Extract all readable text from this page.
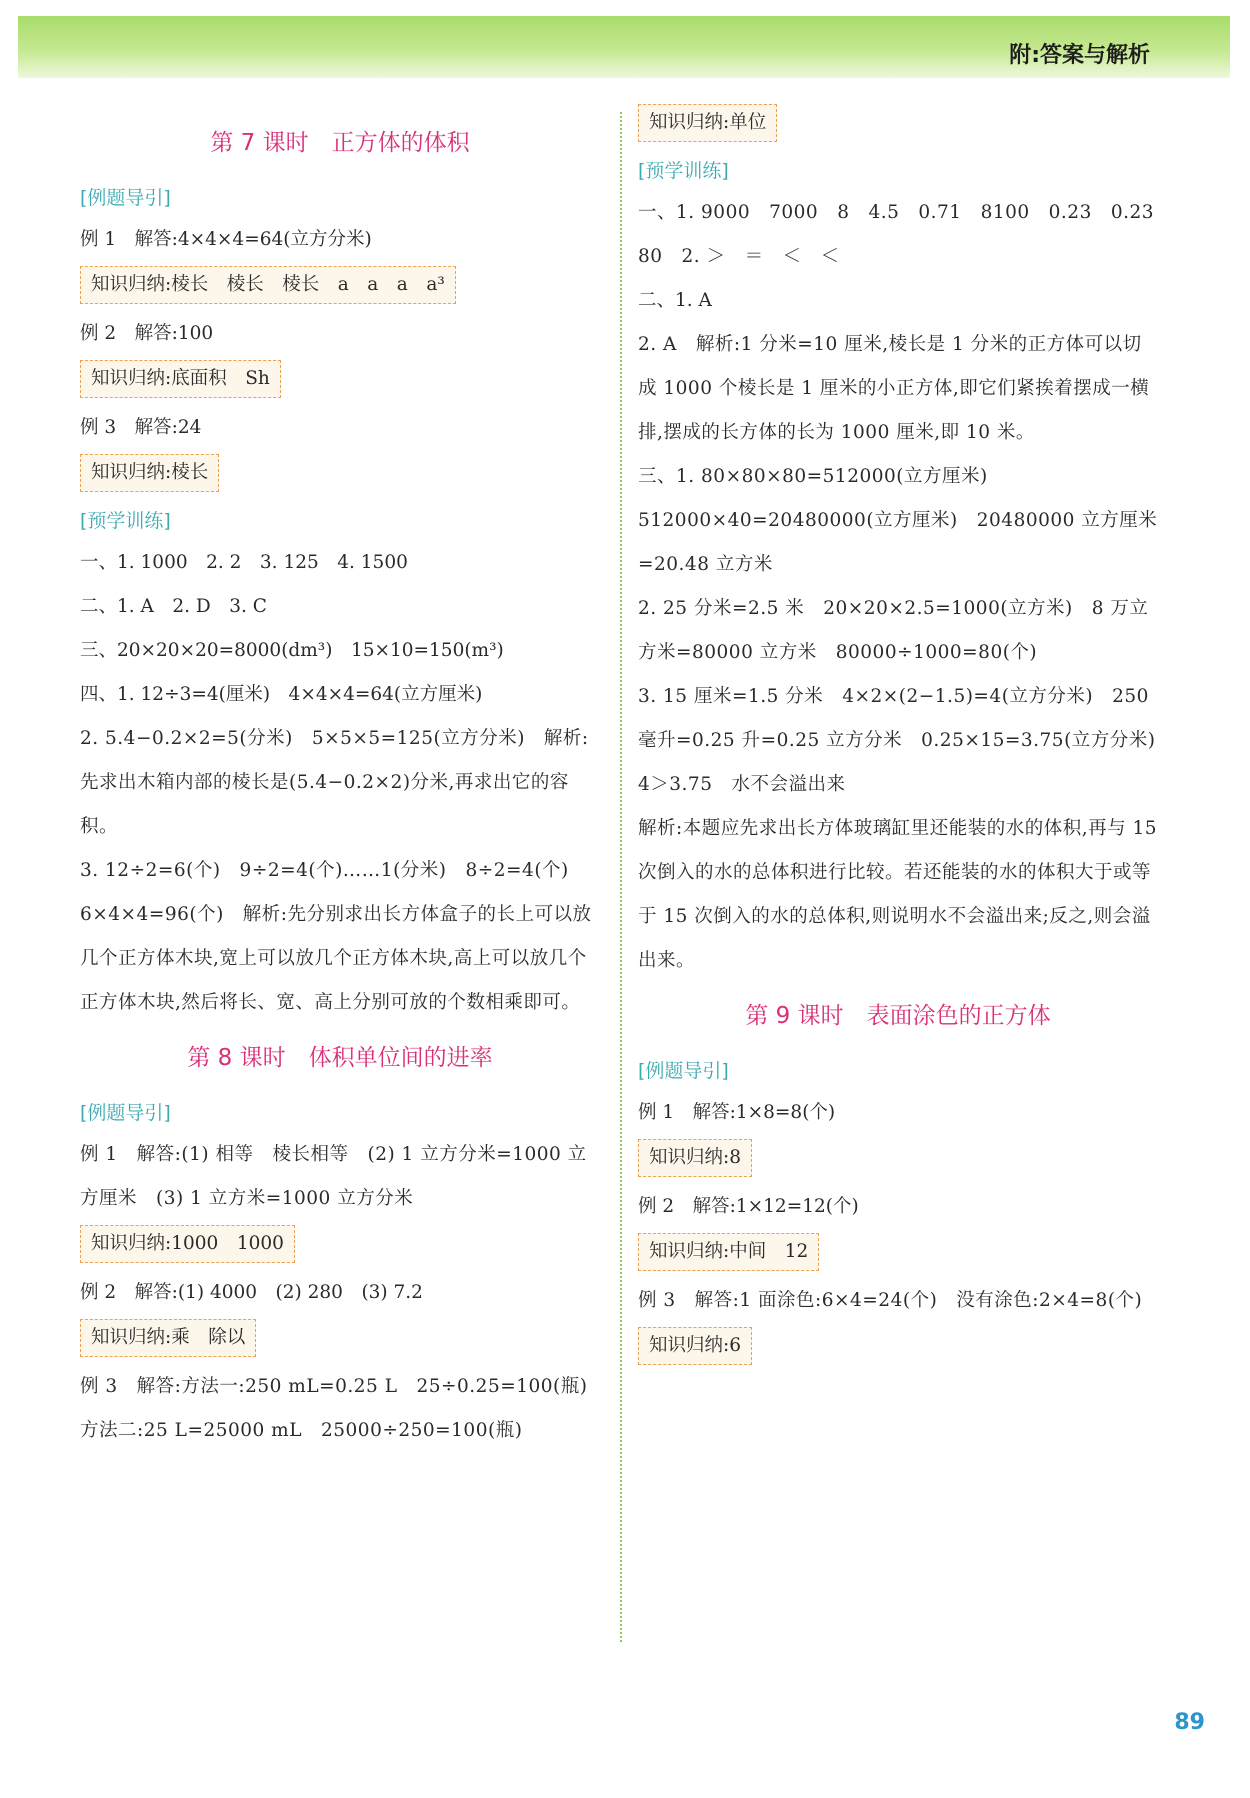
附:答案与解析
第 7 课时　正方体的体积
[例题导引]
例 1　解答:4×4×4=64(立方分米)
知识归纳:棱长　棱长　棱长　a　a　a　a³
例 2　解答:100
知识归纳:底面积　Sh
例 3　解答:24
知识归纳:棱长
[预学训练]
一、1. 1000　2. 2　3. 125　4. 1500
二、1. A　2. D　3. C
三、20×20×20=8000(dm³)　15×10=150(m³)
四、1. 12÷3=4(厘米)　4×4×4=64(立方厘米)
2. 5.4−0.2×2=5(分米)　5×5×5=125(立方分米)　解析:先求出木箱内部的棱长是(5.4−0.2×2)分米,再求出它的容积。
3. 12÷2=6(个)　9÷2=4(个)……1(分米)　8÷2=4(个)　6×4×4=96(个)　解析:先分别求出长方体盒子的长上可以放几个正方体木块,宽上可以放几个正方体木块,高上可以放几个正方体木块,然后将长、宽、高上分别可放的个数相乘即可。
第 8 课时　体积单位间的进率
[例题导引]
例 1　解答:(1) 相等　棱长相等　(2) 1 立方分米=1000 立方厘米　(3) 1 立方米=1000 立方分米
知识归纳:1000　1000
例 2　解答:(1) 4000　(2) 280　(3) 7.2
知识归纳:乘　除以
例 3　解答:方法一:250 mL=0.25 L　25÷0.25=100(瓶)　方法二:25 L=25000 mL　25000÷250=100(瓶)
知识归纳:单位
[预学训练]
一、1. 9000　7000　8　4.5　0.71　8100　0.23　0.23　80　2. ＞　＝　＜　＜
二、1. A
2. A　解析:1 分米=10 厘米,棱长是 1 分米的正方体可以切成 1000 个棱长是 1 厘米的小正方体,即它们紧挨着摆成一横排,摆成的长方体的长为 1000 厘米,即 10 米。
三、1. 80×80×80=512000(立方厘米)　512000×40=20480000(立方厘米)　20480000 立方厘米=20.48 立方米
2. 25 分米=2.5 米　20×20×2.5=1000(立方米)　8 万立方米=80000 立方米　80000÷1000=80(个)
3. 15 厘米=1.5 分米　4×2×(2−1.5)=4(立方分米)　250 毫升=0.25 升=0.25 立方分米　0.25×15=3.75(立方分米)　4＞3.75　水不会溢出来
解析:本题应先求出长方体玻璃缸里还能装的水的体积,再与 15 次倒入的水的总体积进行比较。若还能装的水的体积大于或等于 15 次倒入的水的总体积,则说明水不会溢出来;反之,则会溢出来。
第 9 课时　表面涂色的正方体
[例题导引]
例 1　解答:1×8=8(个)
知识归纳:8
例 2　解答:1×12=12(个)
知识归纳:中间　12
例 3　解答:1 面涂色:6×4=24(个)　没有涂色:2×4=8(个)
知识归纳:6
89
